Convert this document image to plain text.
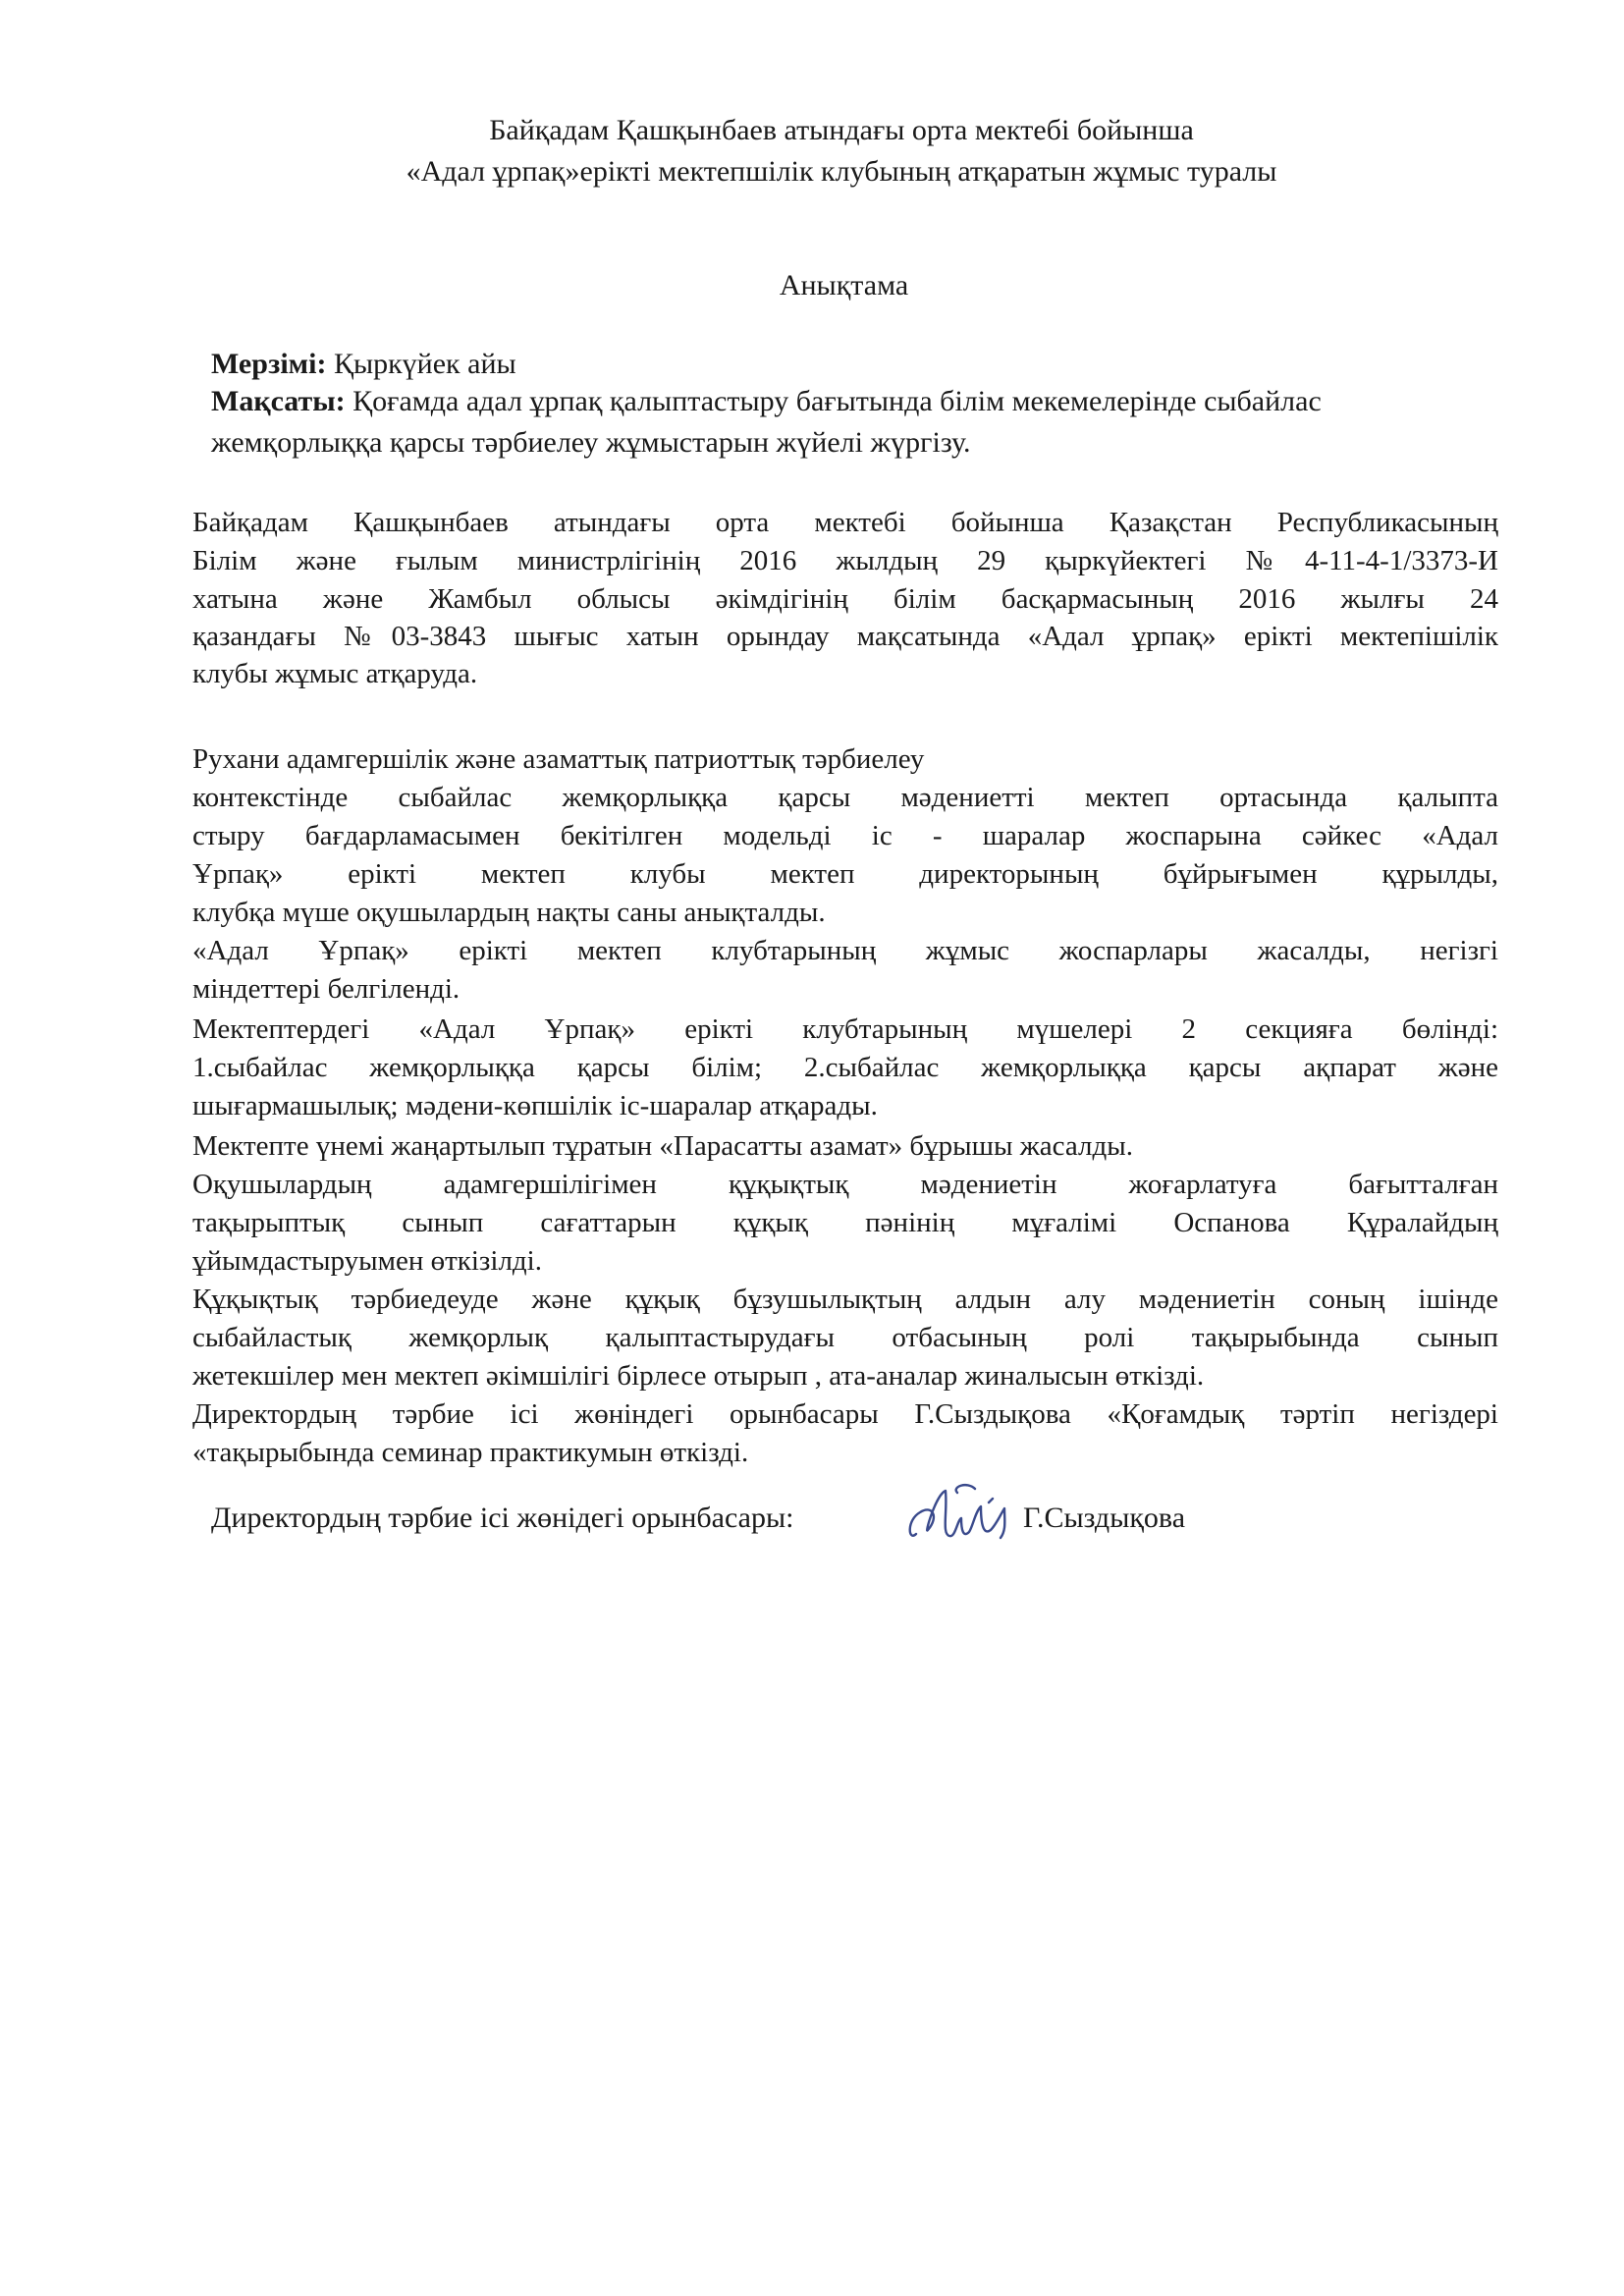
Байқадам Қашқынбаев атындағы орта мектебі бойынша
«Адал ұрпақ»ерікті мектепшілік клубының атқаратын жұмыс туралы
Анықтама
Мерзімі: Қыркүйек айы
Мақсаты: Қоғамда адал ұрпақ қалыптастыру бағытында білім мекемелерінде сыбайлас
жемқорлыққа қарсы тәрбиелеу жұмыстарын жүйелі жүргізу.
Байқадам Қашқынбаев атындағы орта мектебі бойынша Қазақстан Республикасының
Білім және ғылым министрлігінің 2016 жылдың 29 қыркүйектегі №4-11-4-1/3373-И
хатына және Жамбыл облысы әкімдігінің білім басқармасының 2016 жылғы 24
қазандағы №03-3843 шығыс хатын орындау мақсатында «Адал ұрпақ» ерікті мектепішілік
клубы жұмыс атқаруда.
Рухани адамгершілік және азаматтық патриоттық тәрбиелеу
контекстінде сыбайлас жемқорлыққа қарсы мәдениетті мектеп ортасында қалыпта
стыру бағдарламасымен бекітілген модельді іс - шаралар жоспарына сәйкес «Адал
Ұрпақ» ерікті мектеп клубы мектеп директорының бұйрығымен құрылды,
клубқа мүше оқушылардың нақты саны анықталды.
«Адал Ұрпақ» ерікті мектеп клубтарының жұмыс жоспарлары жасалды, негізгі
міндеттері белгіленді.
Мектептердегі «Адал Ұрпақ» ерікті клубтарының мүшелері 2 секцияға бөлінді:
1.сыбайлас жемқорлыққа қарсы білім; 2.сыбайлас жемқорлыққа қарсы ақпарат және
шығармашылық; мәдени-көпшілік іс-шаралар атқарады.
Мектепте үнемі жаңартылып тұратын «Парасатты азамат» бұрышы жасалды.
Оқушылардың адамгершілігімен құқықтық мәдениетін жоғарлатуға бағытталған
тақырыптық сынып сағаттарын құқық пәнінің мұғалімі Оспанова Құралайдың
ұйымдастыруымен өткізілді.
Құқықтық тәрбиедеуде және құқық бұзушылықтың алдын алу мәдениетін соның ішінде
сыбайластық жемқорлық қалыптастырудағы отбасының ролі тақырыбында сынып
жетекшілер мен мектеп әкімшілігі бірлесе отырып , ата-аналар жиналысын өткізді.
Директордың тәрбие ісі жөніндегі орынбасары Г.Сыздықова «Қоғамдық тәртіп негіздері
«тақырыбында семинар практикумын өткізді.
Директордың тәрбие ісі жөнідегі орынбасары:	Г.Сыздықова
